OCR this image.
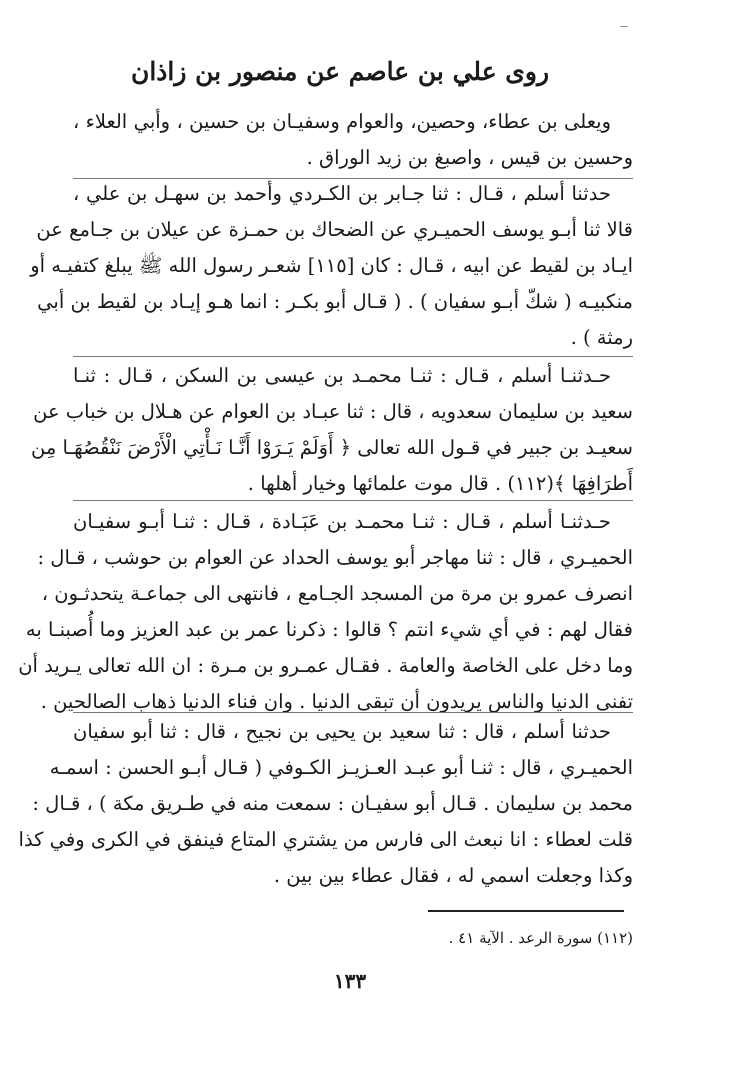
روى علي بن عاصم عن منصور بن زاذان
ويعلى بن عطاء، وحصين، والعوام وسفيـان بن حسين ، وأبي العلاء ،
وحسين بن قيس ، واصبغ بن زيد الوراق .
حدثنا أسلم ، قـال : ثنا جـابر بن الكـردي وأحمد بن سهـل بن علي ،
قالا ثنا أبـو يوسف الحميـري عن الضحاك بن حمـزة عن عيلان بن جـامع عن
ايـاد بن لقيط عن ابيه ، قـال : كان [١١٥] شعـر رسول الله ﷺ يبلغ كتفيـه أو
منكبيـه ( شكّ أبـو سفيان ) . ( قـال أبو بكـر : انما هـو إيـاد بن لقيط بن أبي
رمثة ) .
حـدثنـا أسلم ، قـال : ثنـا محمـد بن عيسى بن السكن ، قـال : ثنـا
سعيد بن سليمان سعدويه ، قال : ثنا عبـاد بن العوام عن هـلال بن خباب عن
سعيـد بن جبير في قـول الله تعالى ﴿ أَوَلَمْ يَـرَوْا أَنَّـا نَـأْتِي الْأَرْضَ نَنْقُصُهَـا مِن
أَطرَافِهَا ﴾(١١٢) . قال موت علمائها وخيار أهلها .
حـدثنـا أسلم ، قـال : ثنـا محمـد بن عَبَـادة ، قـال : ثنـا أبـو سفيـان
الحميـري ، قال : ثنا مهاجر أبو يوسف الحداد عن العوام بن حوشب ، قـال :
انصرف عمرو بن مرة من المسجد الجـامع ، فانتهى الى جماعـة يتحدثـون ،
فقال لهم : في أي شيء انتم ؟ قالوا : ذكرنا عمر بن عبد العزيز وما أُصبنـا به
وما دخل على الخاصة والعامة . فقـال عمـرو بن مـرة : ان الله تعالى يـريد أن
تفنى الدنيا والناس يريدون أن تبقى الدنيا . وان فناء الدنيا ذهاب الصالحين .
حدثنا أسلم ، قال : ثنا سعيد بن يحيى بن نجيح ، قال : ثنا أبو سفيان
الحميـري ، قال : ثنـا أبو عبـد العـزيـز الكـوفي ( قـال أبـو الحسن : اسمـه
محمد بن سليمان . قـال أبو سفيـان : سمعت منه في طـريق مكة ) ، قـال :
قلت لعطاء : انا نبعث الى فارس من يشتري المتاع فينفق في الكرى وفي كذا
وكذا وجعلت اسمي له ، فقال عطاء بين بين .
(١١٢) سورة الرعد . الآية ٤١ .
١٣٣
